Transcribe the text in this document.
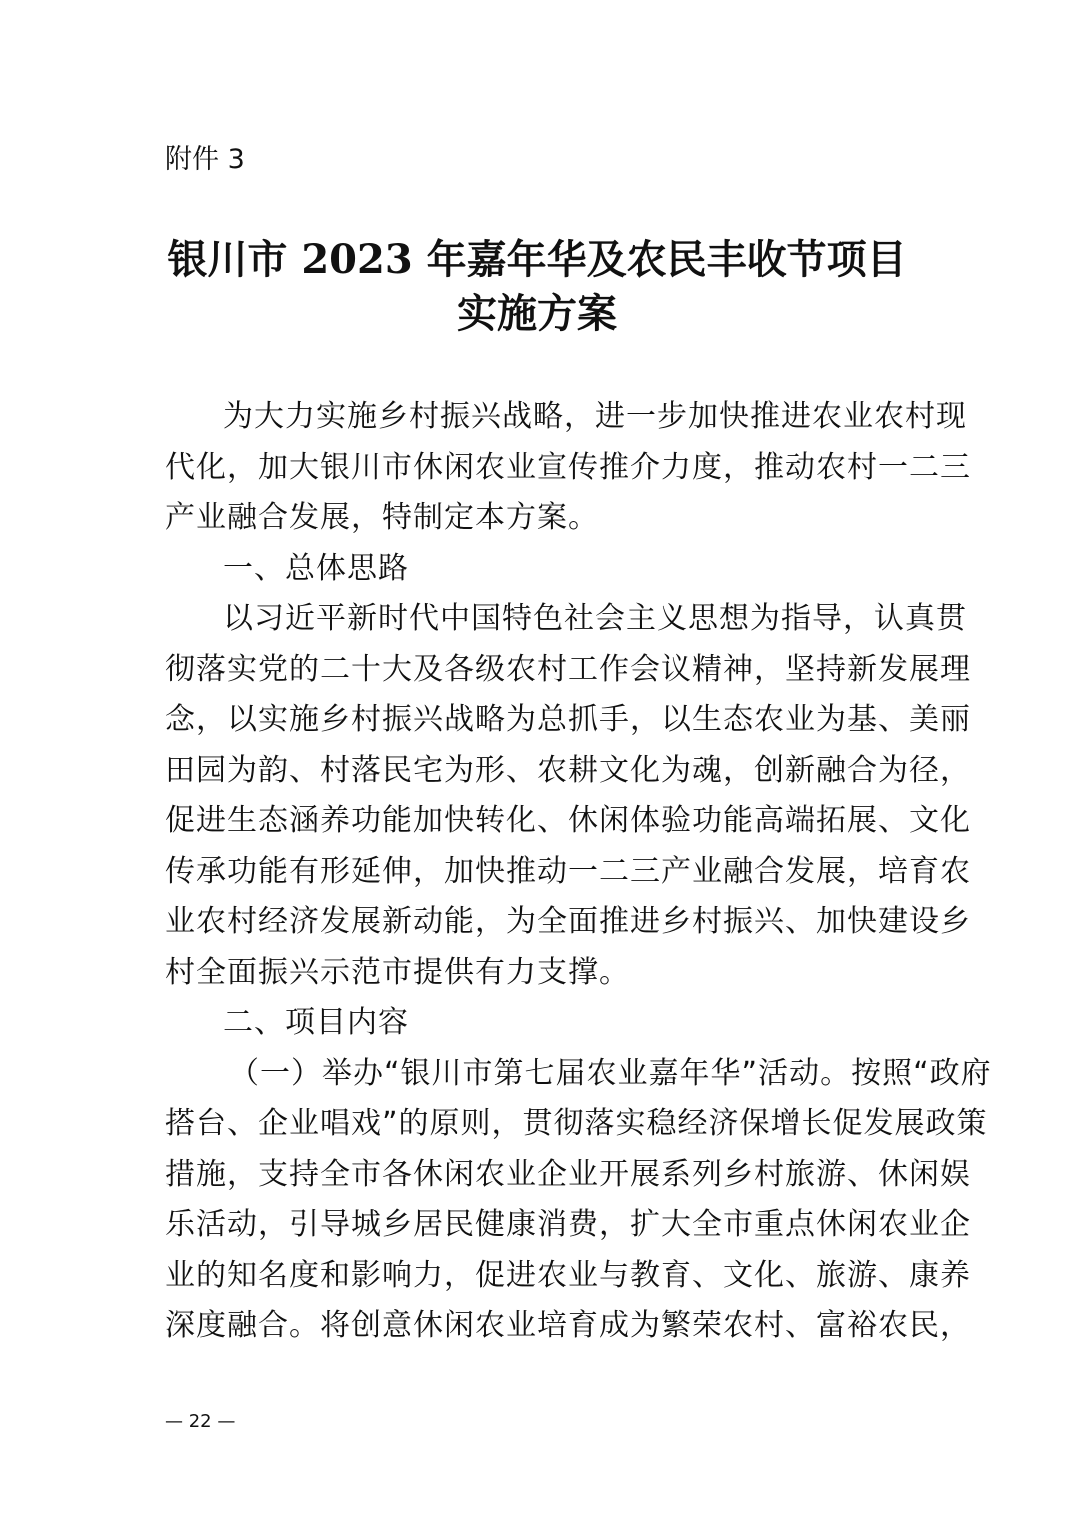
附件 3
银川市 2023 年嘉年华及农民丰收节项目
实施方案
为大力实施乡村振兴战略，进一步加快推进农业农村现
代化，加大银川市休闲农业宣传推介力度，推动农村一二三
产业融合发展，特制定本方案。
一、总体思路
以习近平新时代中国特色社会主义思想为指导，认真贯
彻落实党的二十大及各级农村工作会议精神，坚持新发展理
念，以实施乡村振兴战略为总抓手，以生态农业为基、美丽
田园为韵、村落民宅为形、农耕文化为魂，创新融合为径，
促进生态涵养功能加快转化、休闲体验功能高端拓展、文化
传承功能有形延伸，加快推动一二三产业融合发展，培育农
业农村经济发展新动能，为全面推进乡村振兴、加快建设乡
村全面振兴示范市提供有力支撑。
二、项目内容
（一）举办“银川市第七届农业嘉年华”活动。按照“政府
搭台、企业唱戏”的原则，贯彻落实稳经济保增长促发展政策
措施，支持全市各休闲农业企业开展系列乡村旅游、休闲娱
乐活动，引导城乡居民健康消费，扩大全市重点休闲农业企
业的知名度和影响力，促进农业与教育、文化、旅游、康养
深度融合。将创意休闲农业培育成为繁荣农村、富裕农民，
— 22 —
